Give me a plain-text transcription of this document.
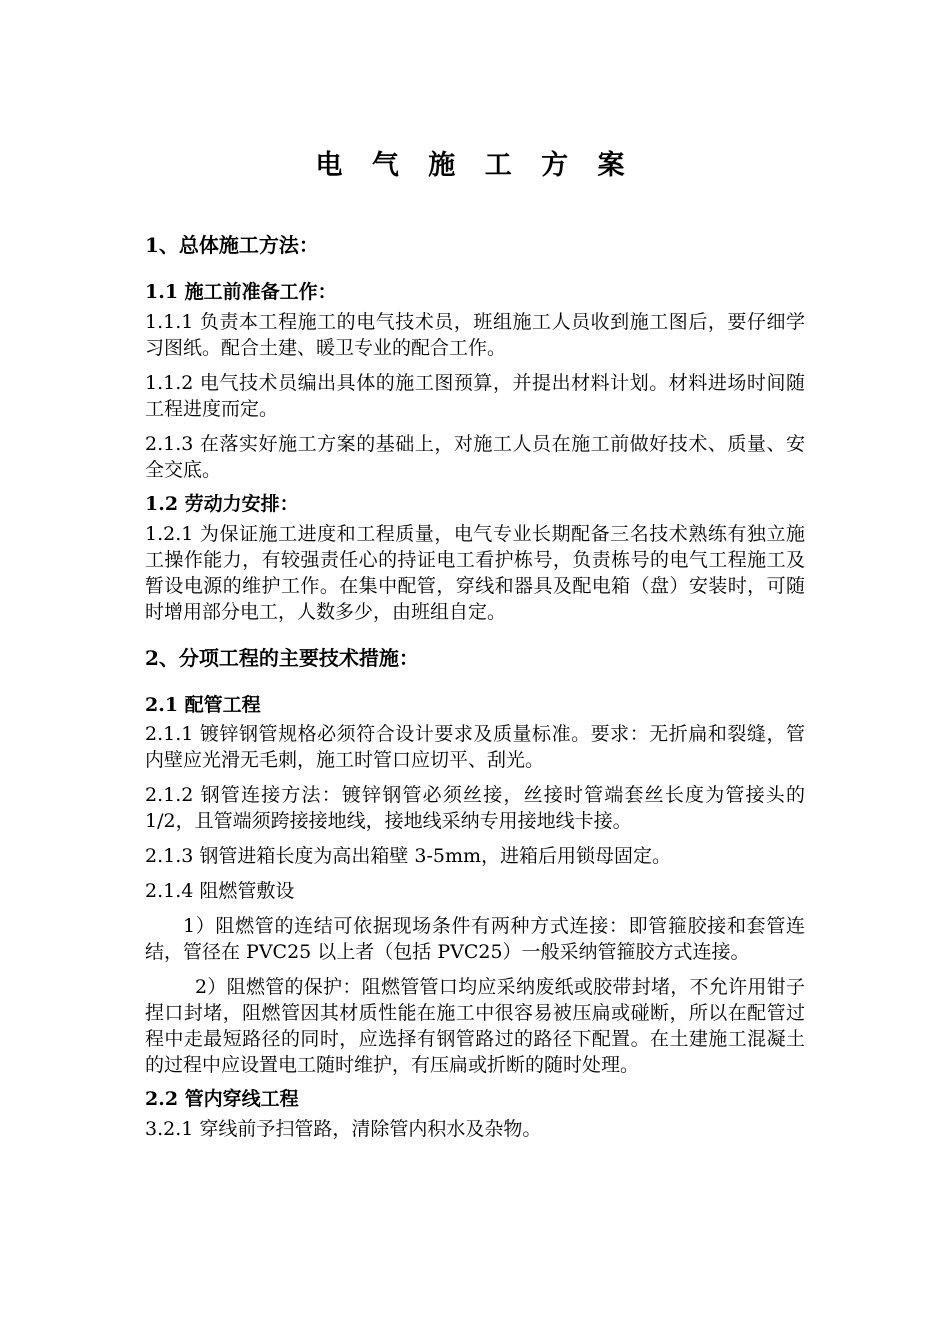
电 气 施 工 方 案
1、总体施工方法：
1.1 施工前准备工作：
1.1.1 负责本工程施工的电气技术员，班组施工人员收到施工图后，要仔细学习图纸。配合土建、暖卫专业的配合工作。
1.1.2 电气技术员编出具体的施工图预算，并提出材料计划。材料进场时间随工程进度而定。
2.1.3 在落实好施工方案的基础上，对施工人员在施工前做好技术、质量、安全交底。
1.2 劳动力安排：
1.2.1 为保证施工进度和工程质量，电气专业长期配备三名技术熟练有独立施工操作能力，有较强责任心的持证电工看护栋号，负责栋号的电气工程施工及暂设电源的维护工作。在集中配管，穿线和器具及配电箱（盘）安装时，可随时增用部分电工，人数多少，由班组自定。
2、分项工程的主要技术措施：
2.1 配管工程
2.1.1 镀锌钢管规格必须符合设计要求及质量标准。要求：无折扁和裂缝，管内壁应光滑无毛刺，施工时管口应切平、刮光。
2.1.2 钢管连接方法：镀锌钢管必须丝接，丝接时管端套丝长度为管接头的 1/2，且管端须跨接接地线，接地线采纳专用接地线卡接。
2.1.3 钢管进箱长度为高出箱壁 3-5mm，进箱后用锁母固定。
2.1.4 阻燃管敷设
1）阻燃管的连结可依据现场条件有两种方式连接：即管箍胶接和套管连结，管径在 PVC25 以上者（包括 PVC25）一般采纳管箍胶方式连接。
2）阻燃管的保护：阻燃管管口均应采纳废纸或胶带封堵，不允许用钳子捏口封堵，阻燃管因其材质性能在施工中很容易被压扁或碰断，所以在配管过程中走最短路径的同时，应选择有钢管路过的路径下配置。在土建施工混凝土的过程中应设置电工随时维护，有压扁或折断的随时处理。
2.2 管内穿线工程
3.2.1 穿线前予扫管路，清除管内积水及杂物。
